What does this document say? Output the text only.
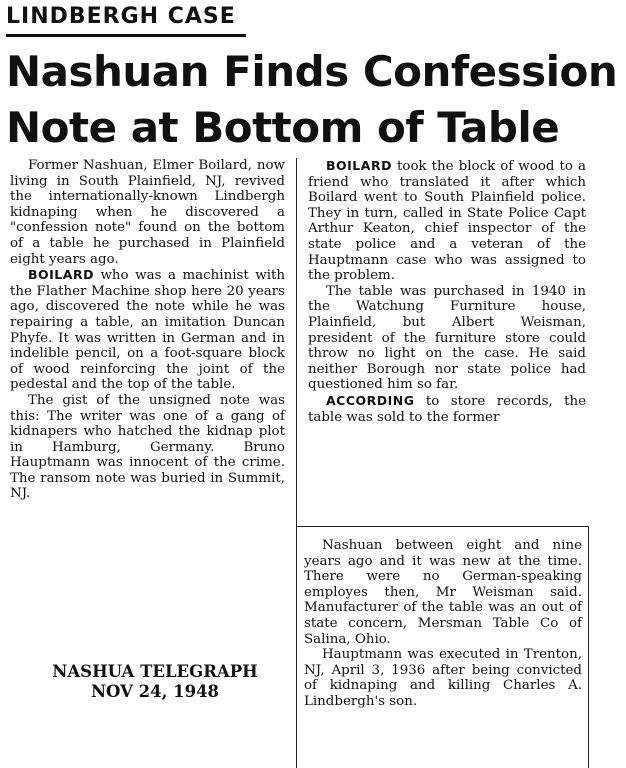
LINDBERGH CASE
Nashuan Finds Confession
Note at Bottom of Table

Former Nashuan, Elmer Boilard, now living in South Plainfield, NJ, revived the internationally-known Lindbergh kidnaping when he discovered a "confession note" found on the bottom of a table he purchased in Plainfield eight years ago.

BOILARD who was a machinist with the Flather Machine shop here 20 years ago, discovered the note while he was repairing a table, an imitation Duncan Phyfe. It was written in German and in indelible pencil, on a foot-square block of wood reinforcing the joint of the pedestal and the top of the table.

The gist of the unsigned note was this: The writer was one of a gang of kidnapers who hatched the kidnap plot in Hamburg, Germany. Bruno Hauptmann was innocent of the crime. The ransom note was buried in Summit, NJ.

BOILARD took the block of wood to a friend who translated it after which Boilard went to South Plainfield police. They in turn, called in State Police Capt Arthur Keaton, chief inspector of the state police and a veteran of the Hauptmann case who was assigned to the problem.

The table was purchased in 1940 in the Watchung Furniture house, Plainfield, but Albert Weisman, president of the furniture store could throw no light on the case. He said neither Borough nor state police had questioned him so far.

ACCORDING to store records, the table was sold to the former

Nashuan between eight and nine years ago and it was new at the time. There were no German-speaking employes then, Mr Weisman said. Manufacturer of the table was an out of state concern, Mersman Table Co of Salina, Ohio.

Hauptmann was executed in Trenton, NJ, April 3, 1936 after being convicted of kidnaping and killing Charles A. Lindbergh's son.

NASHUA TELEGRAPH
NOV 24, 1948
